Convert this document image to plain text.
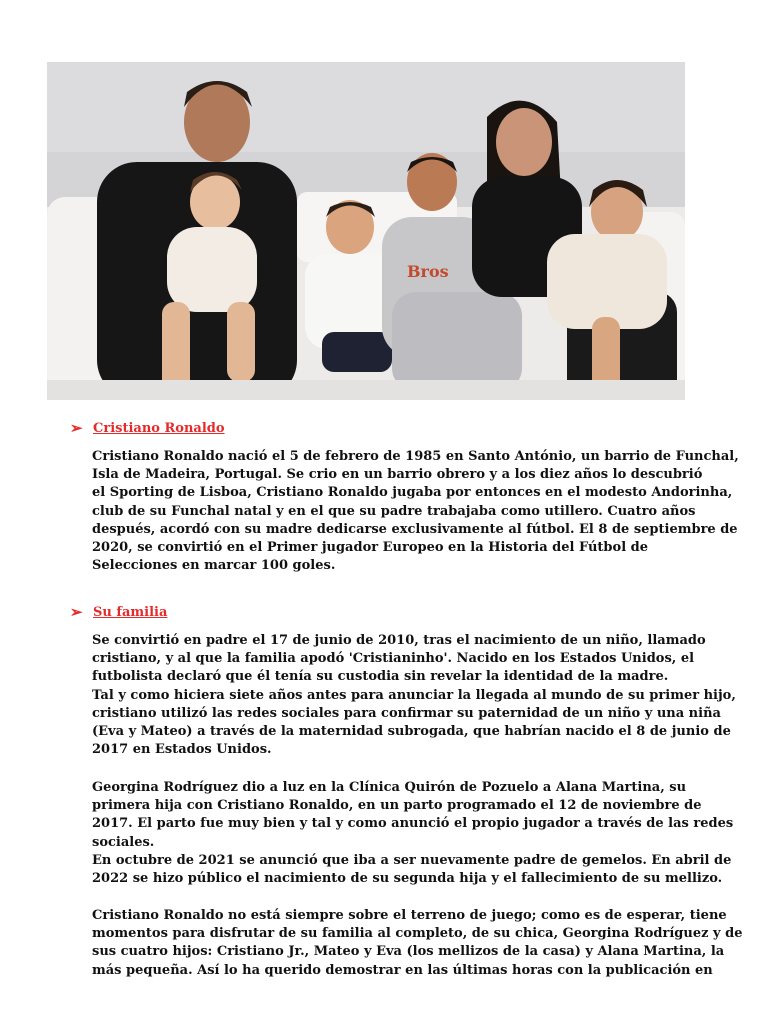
Bros
➢ Cristiano Ronaldo
Cristiano Ronaldo nació el 5 de febrero de 1985 en Santo António, un barrio de Funchal,
Isla de Madeira, Portugal. Se crio en un barrio obrero y a los diez años lo descubrió
el Sporting de Lisboa, Cristiano Ronaldo jugaba por entonces en el modesto Andorinha,
club de su Funchal natal y en el que su padre trabajaba como utillero. Cuatro años
después, acordó con su madre dedicarse exclusivamente al fútbol. El 8 de septiembre de
2020, se convirtió en el Primer jugador Europeo en la Historia del Fútbol de
Selecciones en marcar 100 goles.
➢ Su familia
Se convirtió en padre el 17 de junio de 2010, tras el nacimiento de un niño, llamado
cristiano, y al que la familia apodó 'Cristianinho'. Nacido en los Estados Unidos, el
futbolista declaró que él tenía su custodia sin revelar la identidad de la madre.
Tal y como hiciera siete años antes para anunciar la llegada al mundo de su primer hijo,
cristiano utilizó las redes sociales para confirmar su paternidad de un niño y una niña
(Eva y Mateo) a través de la maternidad subrogada, que habrían nacido el 8 de junio de
2017 en Estados Unidos.
Georgina Rodríguez dio a luz en la Clínica Quirón de Pozuelo a Alana Martina, su
primera hija con Cristiano Ronaldo, en un parto programado el 12 de noviembre de
2017. El parto fue muy bien y tal y como anunció el propio jugador a través de las redes
sociales.
En octubre de 2021 se anunció que iba a ser nuevamente padre de gemelos. En abril de
2022 se hizo público el nacimiento de su segunda hija y el fallecimiento de su mellizo.
Cristiano Ronaldo no está siempre sobre el terreno de juego; como es de esperar, tiene
momentos para disfrutar de su familia al completo, de su chica, Georgina Rodríguez y de
sus cuatro hijos: Cristiano Jr., Mateo y Eva (los mellizos de la casa) y Alana Martina, la
más pequeña. Así lo ha querido demostrar en las últimas horas con la publicación en
